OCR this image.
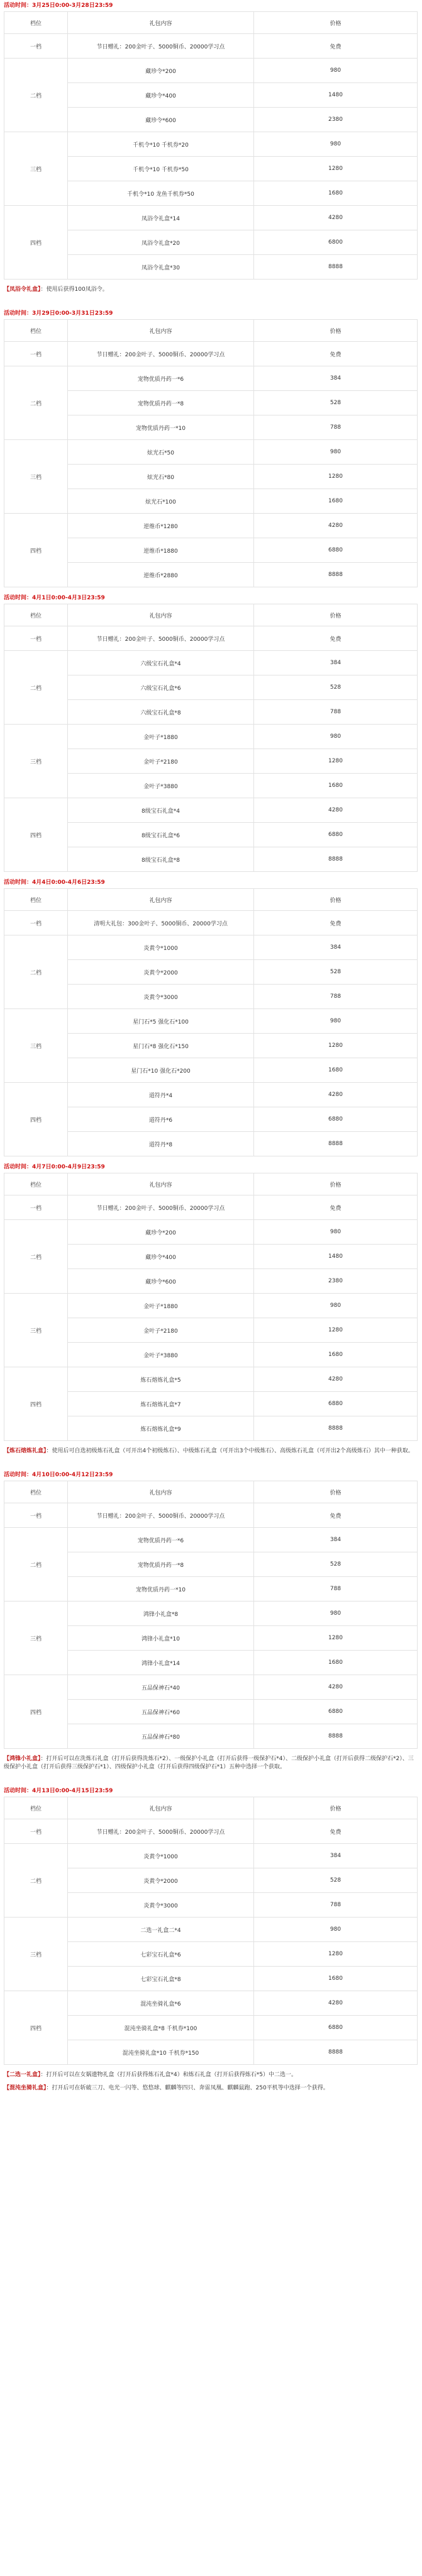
活动时间：3月25日0:00-3月28日23:59
档位	礼包内容	价格
一档	节日赠礼：200金叶子、5000铜币、20000学习点	免费
二档	藏珍令*200	980
	藏珍令*400	1480
	藏珍令*600	2380
三档	千机令*10 千机券*20	980
	千机令*10 千机券*50	1280
	千机令*10 龙鱼千机券*50	1680
四档	凤浴令礼盒*14	4280
	凤浴令礼盒*20	6800
	凤浴令礼盒*30	8888

【凤浴令礼盒】：使用后获得100凤浴令。

活动时间：3月29日0:00-3月31日23:59
档位	礼包内容	价格
一档	节日赠礼：200金叶子、5000铜币、20000学习点	免费
二档	宠物优质丹药一*6	384
	宠物优质丹药一*8	528
	宠物优质丹药一*10	788
三档	炫光石*50	980
	炫光石*80	1280
	炫光石*100	1680
四档	逆维币*1280	4280
	逆维币*1880	6880
	逆维币*2880	8888
活动时间：4月1日0:00-4月3日23:59
档位	礼包内容	价格
一档	节日赠礼：200金叶子、5000铜币、20000学习点	免费
二档	六级宝石礼盒*4	384
	六级宝石礼盒*6	528
	六级宝石礼盒*8	788
三档	金叶子*1880	980
	金叶子*2180	1280
	金叶子*3880	1680
四档	8级宝石礼盒*4	4280
	8级宝石礼盒*6	6880
	8级宝石礼盒*8	8888
活动时间：4月4日0:00-4月6日23:59
档位	礼包内容	价格
一档	清明大礼包：300金叶子、5000铜币、20000学习点	免费
二档	炎黄令*1000	384
	炎黄令*2000	528
	炎黄令*3000	788
三档	星门石*5 强化石*100	980
	星门石*8 强化石*150	1280
	星门石*10 强化石*200	1680
四档	道符丹*4	4280
	道符丹*6	6880
	道符丹*8	8888
活动时间：4月7日0:00-4月9日23:59
档位	礼包内容	价格
一档	节日赠礼：200金叶子、5000铜币、20000学习点	免费
二档	藏珍令*200	980
	藏珍令*400	1480
	藏珍令*600	2380
三档	金叶子*1880	980
	金叶子*2180	1280
	金叶子*3880	1680
四档	炼石熔炼礼盒*5	4280
	炼石熔炼礼盒*7	6880
	炼石熔炼礼盒*9	8888

【炼石熔炼礼盒】：使用后可自选初级炼石礼盒（可开出4个初级炼石）、中级炼石礼盒（可开出3个中级炼石）、高级炼石礼盒（可开出2个高级炼石）其中一种获取。

活动时间：4月10日0:00-4月12日23:59
档位	礼包内容	价格
一档	节日赠礼：200金叶子、5000铜币、20000学习点	免费
二档	宠物优质丹药一*6	384
	宠物优质丹药一*8	528
	宠物优质丹药一*10	788
三档	鸿锋小礼盒*8	980
	鸿锋小礼盒*10	1280
	鸿锋小礼盒*14	1680
四档	五品保神石*40	4280
	五品保神石*60	6880
	五品保神石*80	8888

【鸿锋小礼盒】：打开后可以在洗炼石礼盒（打开后获得洗炼石*2）、一级保护小礼盒（打开后获得一级保护石*4）、二级保护小礼盒（打开后获得二级保护石*2）、三级保护小礼盒（打开后获得三级保护石*1）、四级保护小礼盒（打开后获得四级保护石*1）五种中选择一个获取。

活动时间：4月13日0:00-4月15日23:59
档位	礼包内容	价格
一档	节日赠礼：200金叶子、5000铜币、20000学习点	免费
二档	炎黄令*1000	384
	炎黄令*2000	528
	炎黄令*3000	788
三档	二选一礼盒二*4	980
	七彩宝石礼盒*6	1280
	七彩宝石礼盒*8	1680
四档	混沌坐骑礼盒*6	4280
	混沌坐骑礼盒*8 千机券*100	6880
	混沌坐骑礼盒*10 千机券*150	8888

【二选一礼盒】：打开后可以在女娲遗物礼盒（打开后获得炼石礼盒*4）和炼石礼盒（打开后获得炼石*5）中二选一。

【混沌坐骑礼盒】：打开后可在斩破三刀、电光一闪等、悠悠球、麒麟等四只、奔雷凤凰、麒麟鼠跑、250平机等中选择一个获得。
